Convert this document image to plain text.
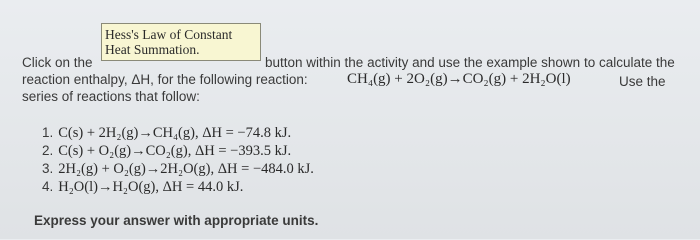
Hess's Law of Constant
Heat Summation.
Click on the	button within the activity and use the example shown to calculate the
reaction enthalpy, ΔH, for the following reaction:	CH₄(g) + 2O₂(g)→CO₂(g) + 2H₂O(l)	Use the
series of reactions that follow:
1. C(s) + 2H₂(g)→CH₄(g), ΔH = −74.8 kJ.
2. C(s) + O₂(g)→CO₂(g), ΔH = −393.5 kJ.
3. 2H₂(g) + O₂(g)→2H₂O(g), ΔH = −484.0 kJ.
4. H₂O(l)→H₂O(g), ΔH = 44.0 kJ.
Express your answer with appropriate units.
